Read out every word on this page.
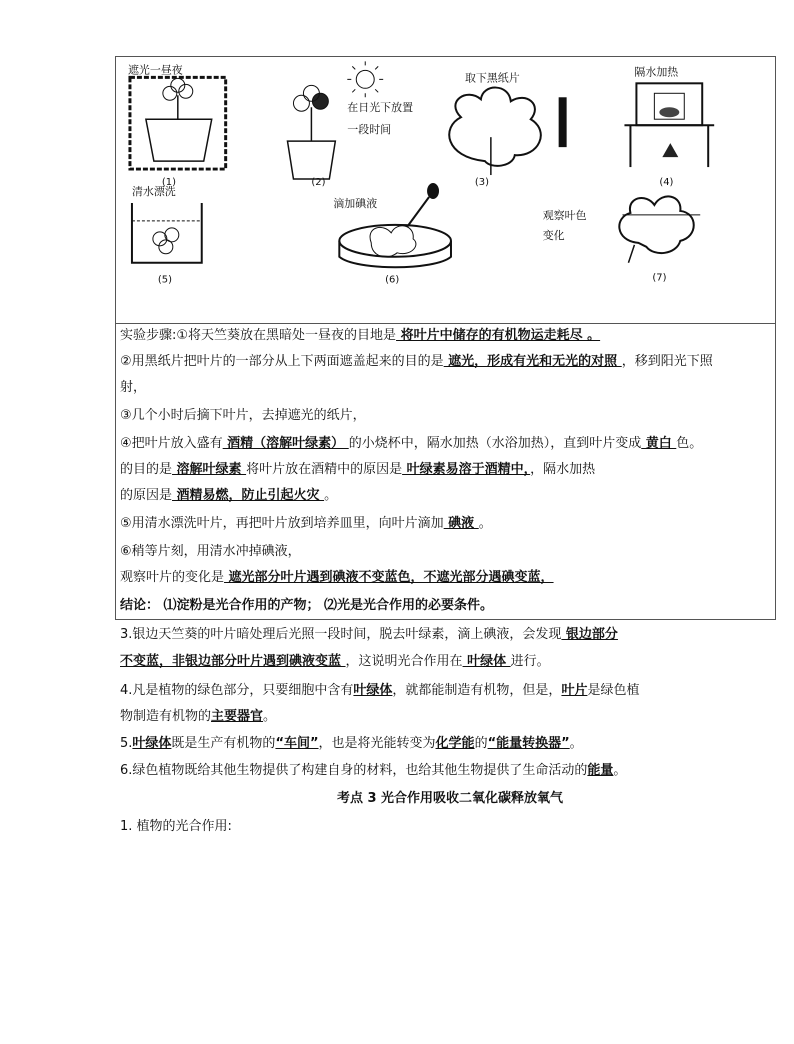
遮光一昼夜
(1)
在日光下放置
一段时间
(2)
取下黑纸片
(3)
隔水加热
(4)
清水漂洗
(5)
滴加碘液
(6)
观察叶色
变化
(7)
实验步骤:①将天竺葵放在黑暗处一昼夜的目地是 将叶片中储存的有机物运走耗尽 。
②用黑纸片把叶片的一部分从上下两面遮盖起来的目的是 遮光，形成有光和无光的对照 ，移到阳光下照
射，
③几个小时后摘下叶片，去掉遮光的纸片，
④把叶片放入盛有 酒精（溶解叶绿素） 的小烧杯中，隔水加热（水浴加热），直到叶片变成 黄白 色。
的目的是 溶解叶绿素 将叶片放在酒精中的原因是 叶绿素易溶于酒精中，，隔水加热
的原因是 酒精易燃，防止引起火灾 。
⑤用清水漂洗叶片，再把叶片放到培养皿里，向叶片滴加 碘液 。
⑥稍等片刻，用清水冲掉碘液，
观察叶片的变化是 遮光部分叶片遇到碘液不变蓝色，不遮光部分遇碘变蓝，
结论： ⑴淀粉是光合作用的产物； ⑵光是光合作用的必要条件。
3.银边天竺葵的叶片暗处理后光照一段时间，脱去叶绿素，滴上碘液，会发现 银边部分
不变蓝，非银边部分叶片遇到碘液变蓝 ，这说明光合作用在 叶绿体 进行。
4.凡是植物的绿色部分，只要细胞中含有叶绿体，就都能制造有机物，但是，叶片是绿色植
物制造有机物的主要器官。
5.叶绿体既是生产有机物的“车间”，也是将光能转变为化学能的“能量转换器”。
6.绿色植物既给其他生物提供了构建自身的材料，也给其他生物提供了生命活动的能量。
考点 3 光合作用吸收二氧化碳释放氧气
1. 植物的光合作用:
